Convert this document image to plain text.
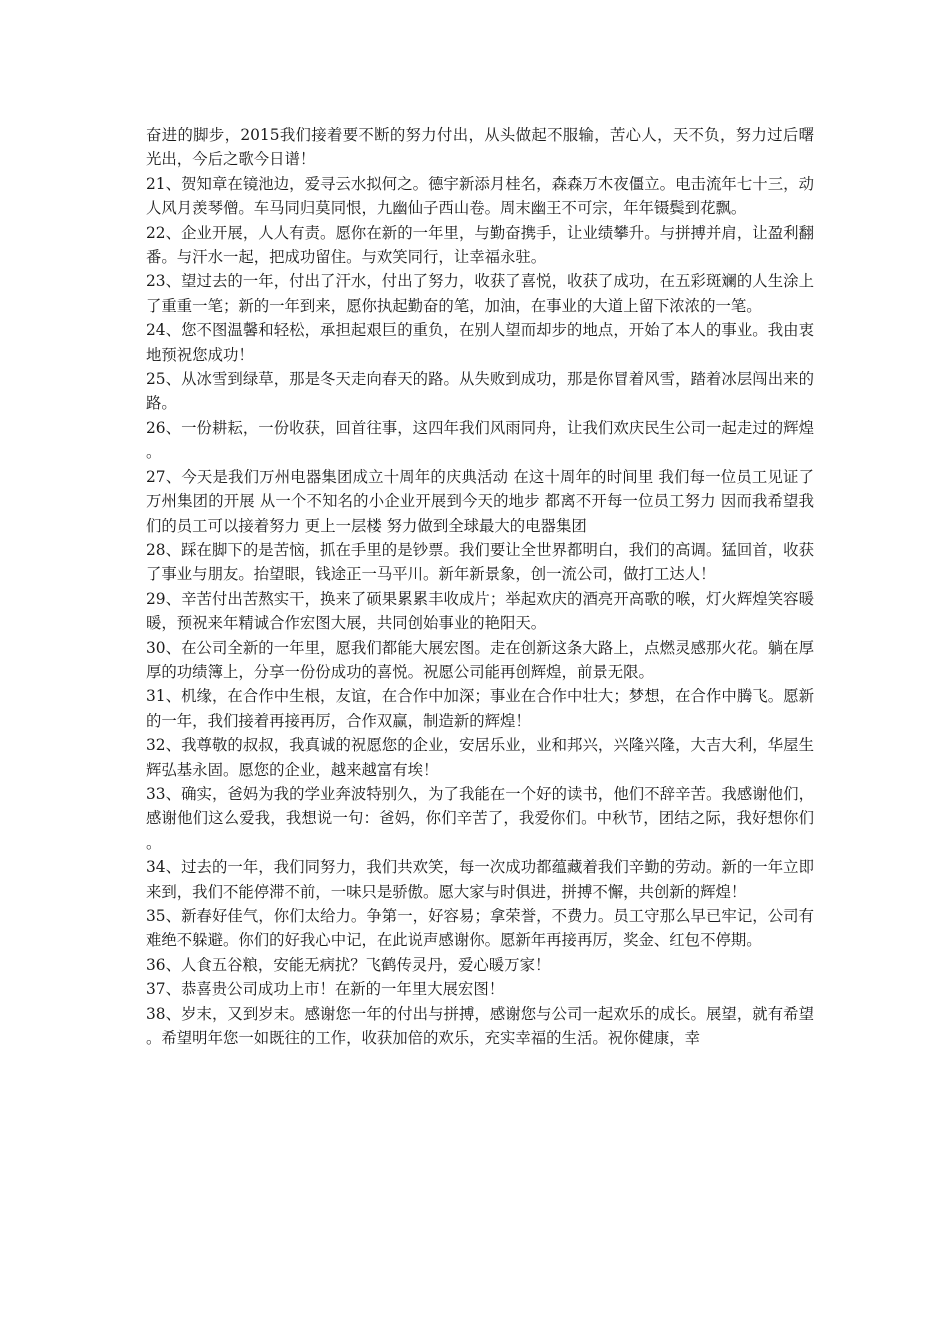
奋进的脚步，2015我们接着要不断的努力付出，从头做起不服输，苦心人，天不负，努力过后曙光出，今后之歌今日谱！

21、贺知章在镜池边，爱寻云水拟何之。德宇新添月桂名，森森万木夜僵立。电击流年七十三，动人风月羡琴僧。车马同归莫同恨，九幽仙子西山卷。周末幽王不可宗，年年镊鬓到花飘。

22、企业开展，人人有责。愿你在新的一年里，与勤奋携手，让业绩攀升。与拼搏并肩，让盈利翻番。与汗水一起，把成功留住。与欢笑同行，让幸福永驻。

23、望过去的一年，付出了汗水，付出了努力，收获了喜悦，收获了成功，在五彩斑斓的人生涂上了重重一笔；新的一年到来，愿你执起勤奋的笔，加油，在事业的大道上留下浓浓的一笔。

24、您不图温馨和轻松，承担起艰巨的重负，在别人望而却步的地点，开始了本人的事业。我由衷地预祝您成功！

25、从冰雪到绿草，那是冬天走向春天的路。从失败到成功，那是你冒着风雪，踏着冰层闯出来的路。

26、一份耕耘，一份收获，回首往事，这四年我们风雨同舟，让我们欢庆民生公司一起走过的辉煌。

27、今天是我们万州电器集团成立十周年的庆典活动 在这十周年的时间里 我们每一位员工见证了万州集团的开展 从一个不知名的小企业开展到今天的地步 都离不开每一位员工努力 因而我希望我们的员工可以接着努力 更上一层楼 努力做到全球最大的电器集团

28、踩在脚下的是苦恼，抓在手里的是钞票。我们要让全世界都明白，我们的高调。猛回首，收获了事业与朋友。抬望眼，钱途正一马平川。新年新景象，创一流公司，做打工达人！

29、辛苦付出苦熬实干，换来了硕果累累丰收成片；举起欢庆的酒亮开高歌的喉，灯火辉煌笑容暖暖，预祝来年精诚合作宏图大展，共同创始事业的艳阳天。

30、在公司全新的一年里，愿我们都能大展宏图。走在创新这条大路上，点燃灵感那火花。躺在厚厚的功绩簿上，分享一份份成功的喜悦。祝愿公司能再创辉煌，前景无限。

31、机缘，在合作中生根，友谊，在合作中加深；事业在合作中壮大；梦想，在合作中腾飞。愿新的一年，我们接着再接再厉，合作双赢，制造新的辉煌！

32、我尊敬的叔叔，我真诚的祝愿您的企业，安居乐业，业和邦兴，兴隆兴隆，大吉大利，华屋生辉弘基永固。愿您的企业，越来越富有埃！

33、确实，爸妈为我的学业奔波特别久，为了我能在一个好的读书，他们不辞辛苦。我感谢他们，感谢他们这么爱我，我想说一句：爸妈，你们辛苦了，我爱你们。中秋节，团结之际，我好想你们。

34、过去的一年，我们同努力，我们共欢笑，每一次成功都蕴藏着我们辛勤的劳动。新的一年立即来到，我们不能停滞不前，一味只是骄傲。愿大家与时俱进，拼搏不懈，共创新的辉煌！

35、新春好佳气，你们太给力。争第一，好容易；拿荣誉，不费力。员工守那么早已牢记，公司有难绝不躲避。你们的好我心中记，在此说声感谢你。愿新年再接再厉，奖金、红包不停期。

36、人食五谷粮，安能无病扰？飞鹤传灵丹，爱心暖万家！

37、恭喜贵公司成功上市！在新的一年里大展宏图！

38、岁末，又到岁末。感谢您一年的付出与拼搏，感谢您与公司一起欢乐的成长。展望，就有希望。希望明年您一如既往的工作，收获加倍的欢乐，充实幸福的生活。祝你健康，幸
